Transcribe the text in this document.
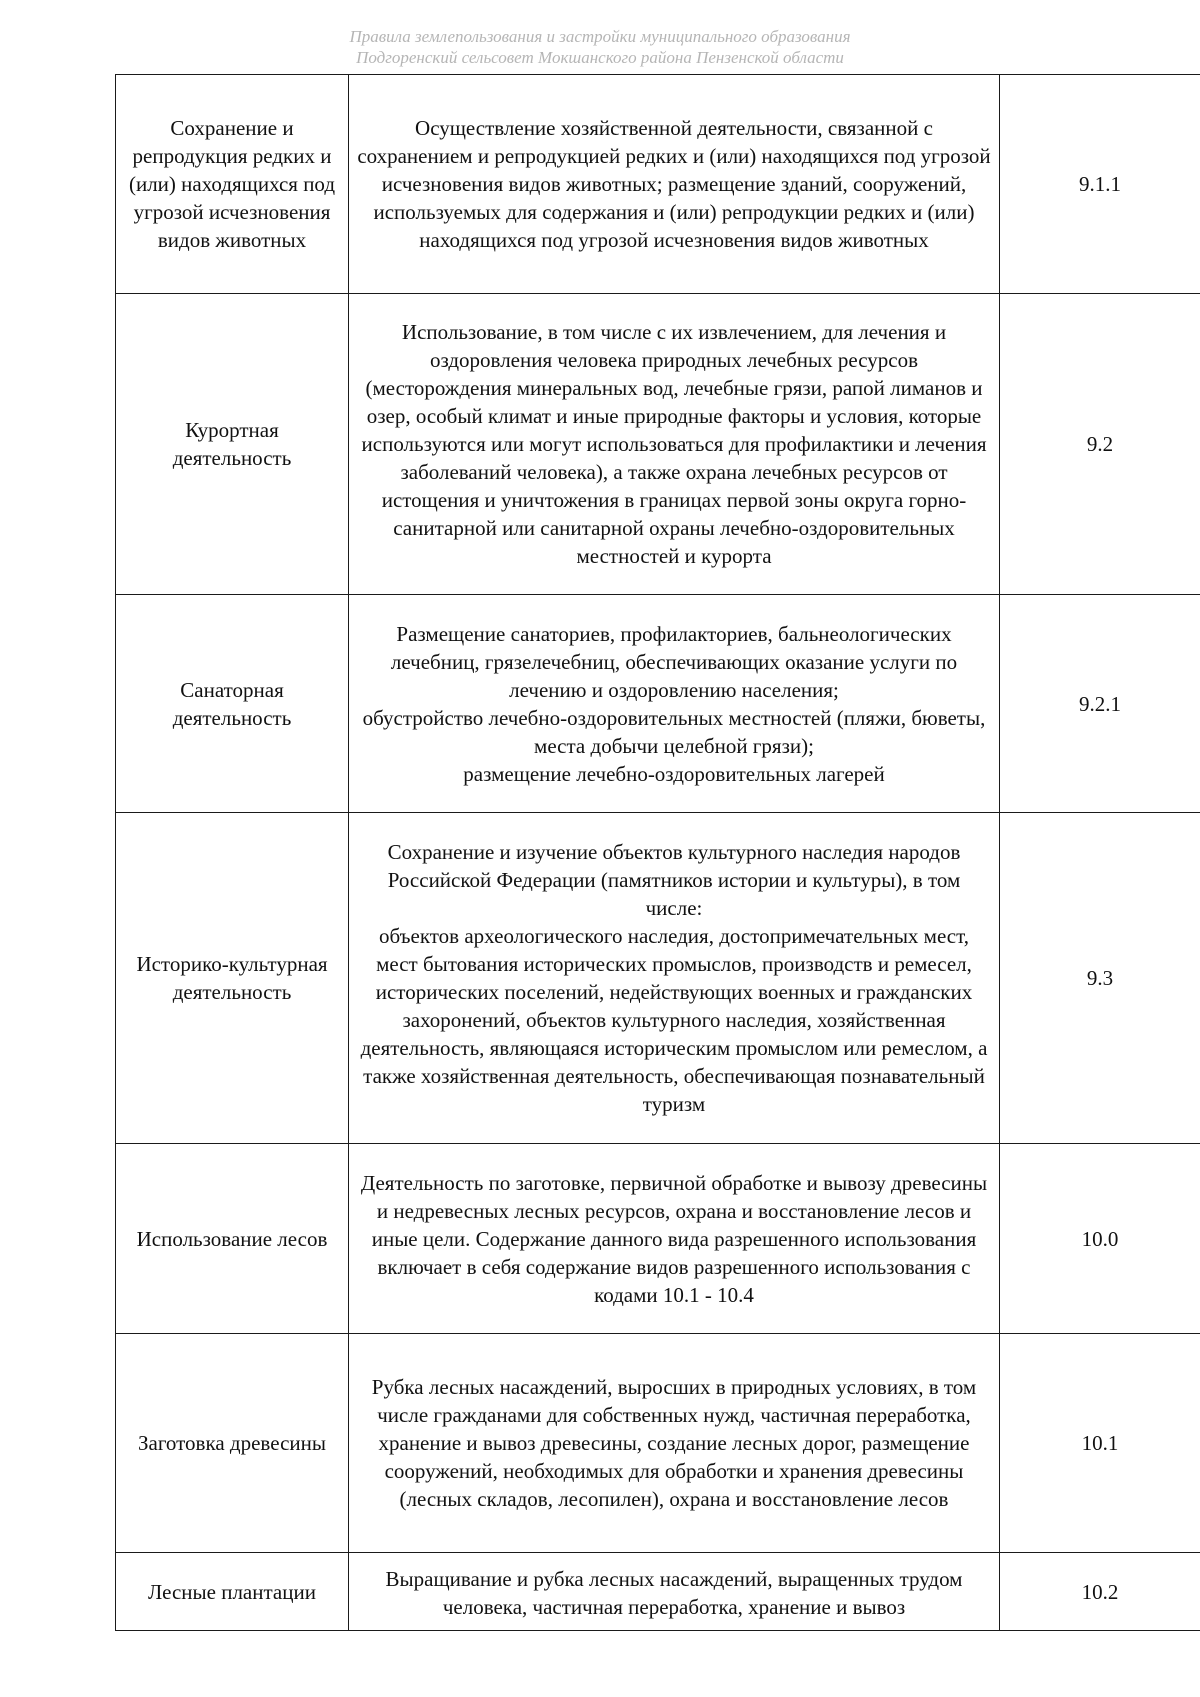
Правила землепользования и застройки муниципального образования
Подгоренский сельсовет Мокшанского района Пензенской области
Сохранение и репродукция редких и (или) находящихся под угрозой исчезновения видов животных	Осуществление хозяйственной деятельности, связанной с сохранением и репродукцией редких и (или) находящихся под угрозой исчезновения видов животных; размещение зданий, сооружений, используемых для содержания и (или) репродукции редких и (или) находящихся под угрозой исчезновения видов животных	9.1.1
Курортная деятельность	Использование, в том числе с их извлечением, для лечения и оздоровления человека природных лечебных ресурсов (месторождения минеральных вод, лечебные грязи, рапой лиманов и озер, особый климат и иные природные факторы и условия, которые используются или могут использоваться для профилактики и лечения заболеваний человека), а также охрана лечебных ресурсов от истощения и уничтожения в границах первой зоны округа горно-санитарной или санитарной охраны лечебно-оздоровительных местностей и курорта	9.2
Санаторная деятельность	Размещение санаториев, профилакториев, бальнеологических лечебниц, грязелечебниц, обеспечивающих оказание услуги по лечению и оздоровлению населения;
обустройство лечебно-оздоровительных местностей (пляжи, бюветы, места добычи целебной грязи);
размещение лечебно-оздоровительных лагерей	9.2.1
Историко-культурная деятельность	Сохранение и изучение объектов культурного наследия народов Российской Федерации (памятников истории и культуры), в том числе:
объектов археологического наследия, достопримечательных мест, мест бытования исторических промыслов, производств и ремесел, исторических поселений, недействующих военных и гражданских захоронений, объектов культурного наследия, хозяйственная деятельность, являющаяся историческим промыслом или ремеслом, а также хозяйственная деятельность, обеспечивающая познавательный туризм	9.3
Использование лесов	Деятельность по заготовке, первичной обработке и вывозу древесины и недревесных лесных ресурсов, охрана и восстановление лесов и иные цели. Содержание данного вида разрешенного использования включает в себя содержание видов разрешенного использования с кодами 10.1 - 10.4	10.0
Заготовка древесины	Рубка лесных насаждений, выросших в природных условиях, в том числе гражданами для собственных нужд, частичная переработка, хранение и вывоз древесины, создание лесных дорог, размещение сооружений, необходимых для обработки и хранения древесины (лесных складов, лесопилен), охрана и восстановление лесов	10.1
Лесные плантации	Выращивание и рубка лесных насаждений, выращенных трудом человека, частичная переработка, хранение и вывоз	10.2
